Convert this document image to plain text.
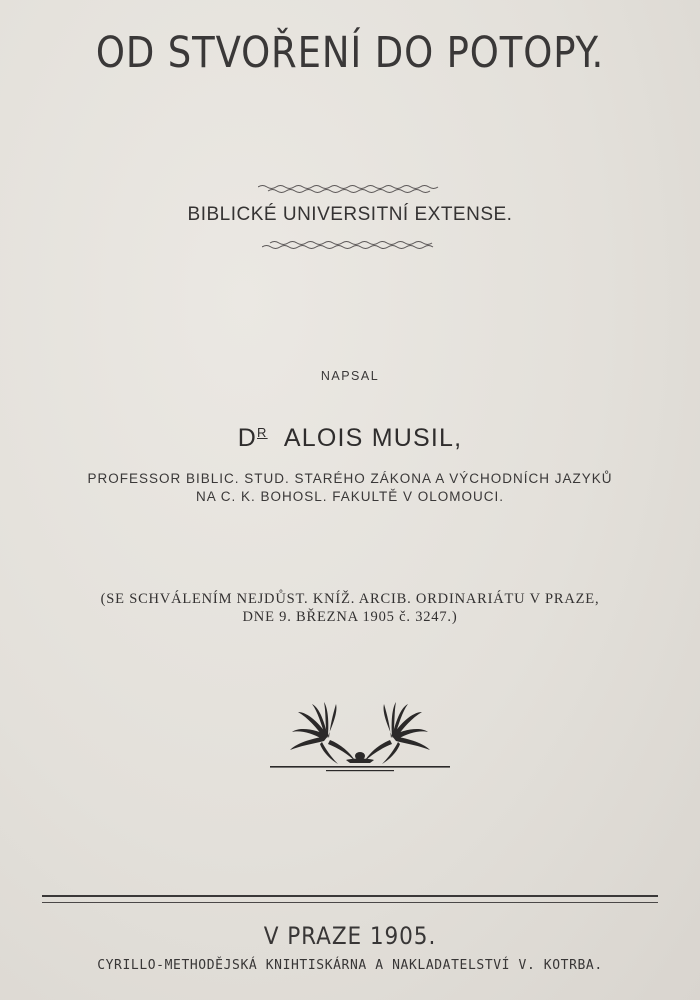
OD STVOŘENÍ DO POTOPY.
BIBLICKÉ UNIVERSITNÍ EXTENSE.
NAPSAL
$D^R$ ALOIS MUSIL,
PROFESSOR BIBLIC. STUD. STARÉHO ZÁKONA A VÝCHODNÍCH JAZYKŮ
NA C. K. BOHOSL. FAKULTĚ V OLOMOUCI.
(SE SCHVÁLENÍM NEJDŮST. KNÍŽ. ARCIB. ORDINARIÁTU V PRAZE,
DNE 9. BŘEZNA 1905 č. 3247.)
V PRAZE 1905.
CYRILLO-METHODĚJSKÁ KNIHTISKÁRNA A NAKLADATELSTVÍ V. KOTRBA.
